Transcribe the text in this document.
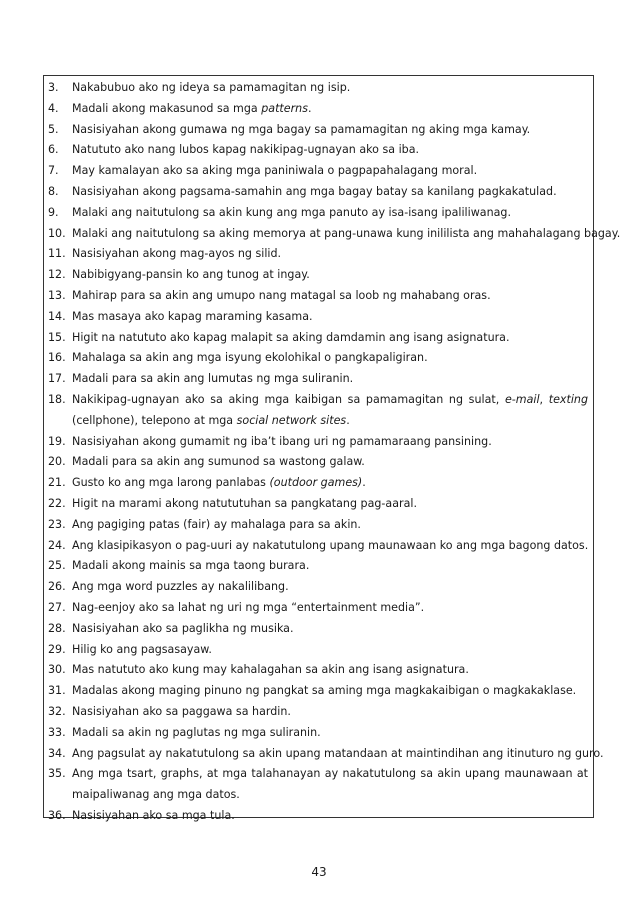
3. Nakabubuo ako ng ideya sa pamamagitan ng isip.
4. Madali akong makasunod sa mga patterns.
5. Nasisiyahan akong gumawa ng mga bagay sa pamamagitan ng aking mga kamay.
6. Natututo ako nang lubos kapag nakikipag-ugnayan ako sa iba.
7. May kamalayan ako sa aking mga paniniwala o pagpapahalagang moral.
8. Nasisiyahan akong pagsama-samahin ang mga bagay batay sa kanilang pagkakatulad.
9. Malaki ang naitutulong sa akin kung ang mga panuto ay isa-isang ipaliliwanag.
10. Malaki ang naitutulong sa aking memorya at pang-unawa kung inililista ang mahahalagang bagay.
11. Nasisiyahan akong mag-ayos ng silid.
12. Nabibigyang-pansin ko ang tunog at ingay.
13. Mahirap para sa akin ang umupo nang matagal sa loob ng mahabang oras.
14. Mas masaya ako kapag maraming kasama.
15. Higit na natututo ako kapag malapit sa aking damdamin ang isang asignatura.
16. Mahalaga sa akin ang mga isyung ekolohikal o pangkapaligiran.
17. Madali para sa akin ang lumutas ng mga suliranin.
18. Nakikipag-ugnayan ako sa aking mga kaibigan sa pamamagitan ng sulat, e-mail, texting
(cellphone), telepono at mga social network sites.
19. Nasisiyahan akong gumamit ng iba’t ibang uri ng pamamaraang pansining.
20. Madali para sa akin ang sumunod sa wastong galaw.
21. Gusto ko ang mga larong panlabas (outdoor games).
22. Higit na marami akong natututuhan sa pangkatang pag-aaral.
23. Ang pagiging patas (fair) ay mahalaga para sa akin.
24. Ang klasipikasyon o pag-uuri ay nakatutulong upang maunawaan ko ang mga bagong datos.
25. Madali akong mainis sa mga taong burara.
26. Ang mga word puzzles ay nakalilibang.
27. Nag-eenjoy ako sa lahat ng uri ng mga “entertainment media”.
28. Nasisiyahan ako sa paglikha ng musika.
29. Hilig ko ang pagsasayaw.
30. Mas natututo ako kung may kahalagahan sa akin ang isang asignatura.
31. Madalas akong maging pinuno ng pangkat sa aming mga magkakaibigan o magkakaklase.
32. Nasisiyahan ako sa paggawa sa hardin.
33. Madali sa akin ng paglutas ng mga suliranin.
34. Ang pagsulat ay nakatutulong sa akin upang matandaan at maintindihan ang itinuturo ng guro.
35. Ang mga tsart, graphs, at mga talahanayan ay nakatutulong sa akin upang maunawaan at
maipaliwanag ang mga datos.
36. Nasisiyahan ako sa mga tula.
43
